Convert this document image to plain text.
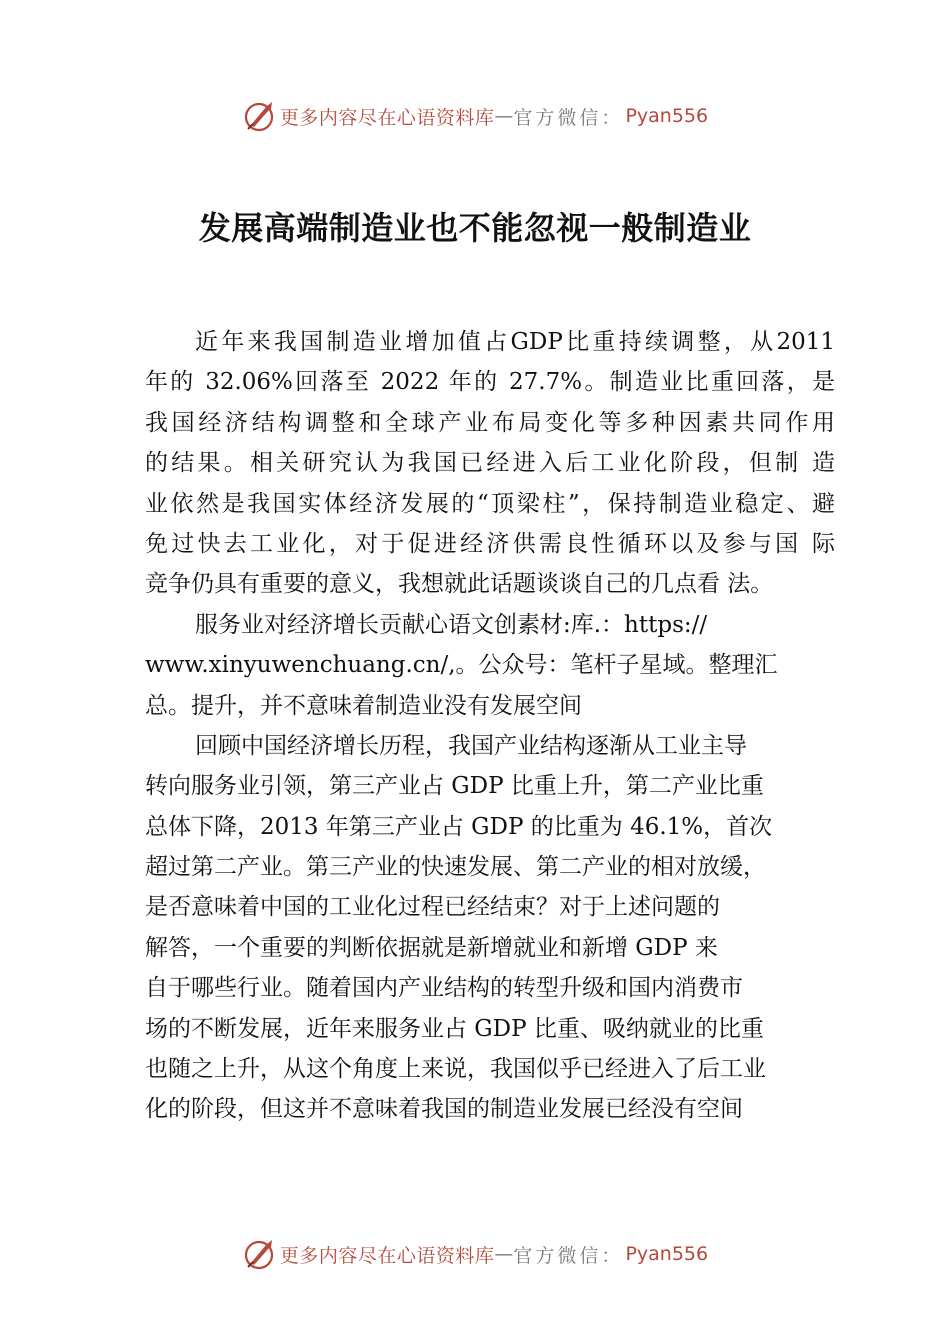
更多内容尽在心语资料库 — 官方微信： Pyan556
发展高端制造业也不能忽视一般制造业
近年来我国制造业增加值占GDP比重持续调整，从2011
年的 32.06%回落至 2022 年的 27.7%。制造业比重回落，是
我国经济结构调整和全球产业布局变化等多种因素共同作用
的结果。相关研究认为我国已经进入后工业化阶段，但制 造
业依然是我国实体经济发展的“顶梁柱”，保持制造业稳定、避
免过快去工业化，对于促进经济供需良性循环以及参与国 际
竞争仍具有重要的意义，我想就此话题谈谈自己的几点看 法。
服务业对经济增长贡献心语文创素材:库.：https://
www.xinyuwenchuang.cn/,。公众号：笔杆子星域。整理汇
总。提升，并不意味着制造业没有发展空间
回顾中国经济增长历程，我国产业结构逐渐从工业主导
转向服务业引领，第三产业占 GDP 比重上升，第二产业比重
总体下降，2013 年第三产业占 GDP 的比重为 46.1%，首次
超过第二产业。第三产业的快速发展、第二产业的相对放缓，
是否意味着中国的工业化过程已经结束？对于上述问题的
解答，一个重要的判断依据就是新增就业和新增 GDP 来
自于哪些行业。随着国内产业结构的转型升级和国内消费市
场的不断发展，近年来服务业占 GDP 比重、吸纳就业的比重
也随之上升，从这个角度上来说，我国似乎已经进入了后工业
化的阶段，但这并不意味着我国的制造业发展已经没有空间
更多内容尽在心语资料库 — 官方微信： Pyan556
